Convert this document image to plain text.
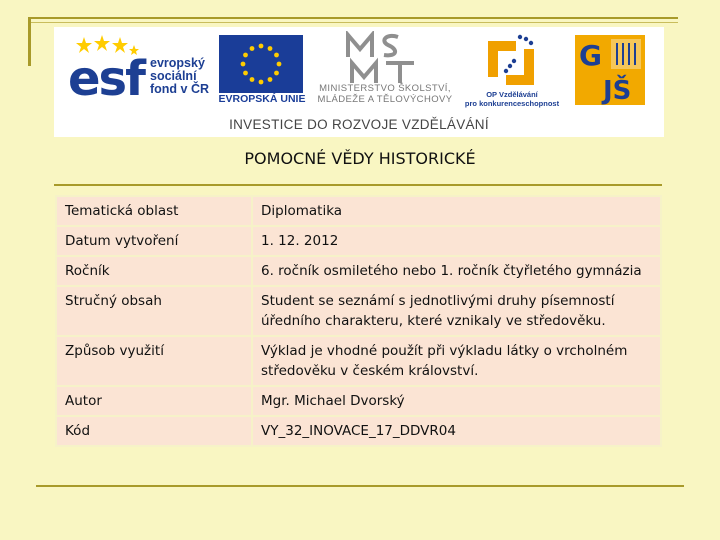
esf evropský
sociální
fond v ČR
EVROPSKÁ UNIE
MINISTERSTVO ŠKOLSTVÍ,
MLÁDEŽE A TĚLOVÝCHOVY	OP Vzdělávání
pro konkurenceschopnost
G
JŠ
INVESTICE DO ROZVOJE VZDĚLÁVÁNÍ
POMOCNÉ VĚDY HISTORICKÉ
Tematická oblast	Diplomatika
Datum vytvoření	1. 12. 2012
Ročník	6. ročník osmiletého nebo 1. ročník čtyřletého gymnázia
Stručný obsah	Student se seznámí s jednotlivými druhy písemností úředního charakteru, které vznikaly ve středověku.
Způsob využití	Výklad je vhodné použít při výkladu látky o vrcholném středověku v českém království.
Autor	Mgr. Michael Dvorský
Kód	VY_32_INOVACE_17_DDVR04
